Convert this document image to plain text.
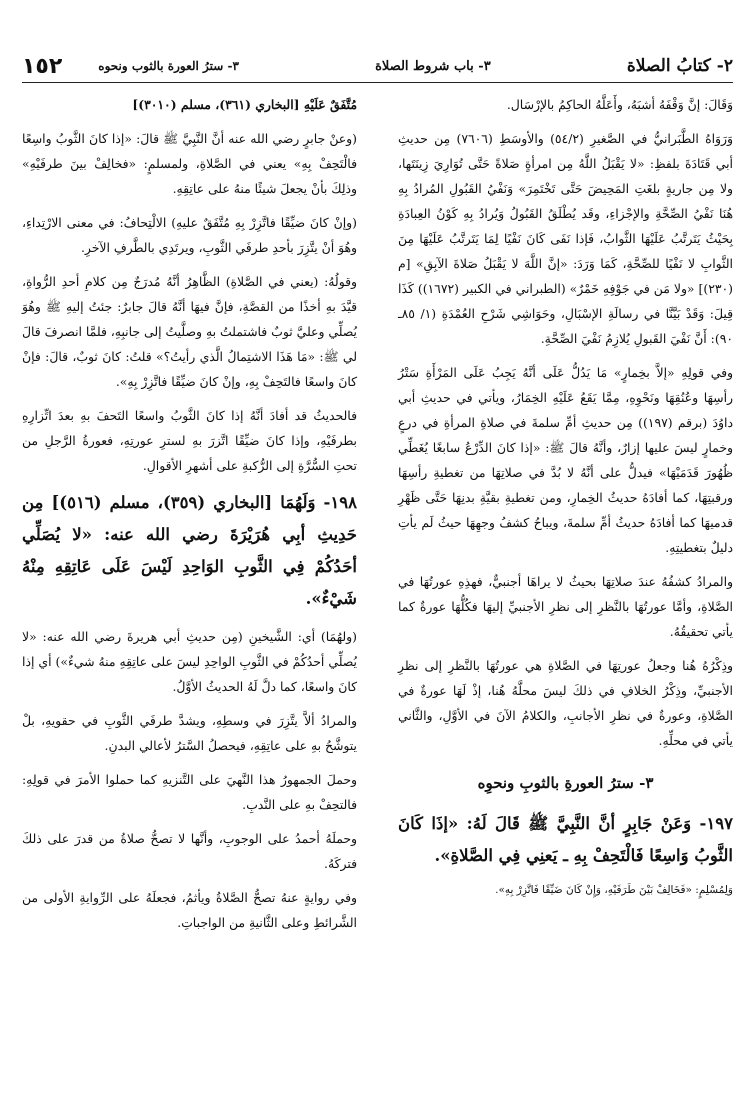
٢- كتابُ الصلاة
٣- باب شروط الصلاة
٣- سترُ العورة بالثوب ونحوه
١٥٢

وَقَالَ: إنَّ وَقْفَهُ أشبَهُ، وأَعَلَّهُ الحاكِمُ بالإرْسَال.

وَرَوَاهُ الطَّبَرانيُّ في الصَّغيرِ (٥٤/٢) والأوسَطِ (٧٦٠٦) مِن حديثِ أبي قَتَادَةَ بلفظِ: «لا يَقْبَلُ اللَّهُ مِن امرأةٍ صَلاةً حَتَّى تُوَارِيَ زِينَتَها، ولا مِن جاريةٍ بلغَتِ المَحِيضَ حَتَّى تَخْتَمِرَ» وَنَفْيُ القَبُولِ المُرادُ بِهِ هُنَا نَفْيُ الصِّحَّةِ والإجْزاءِ، وقَد يُطْلَقُ القَبُولُ وَيُرادُ بِهِ كَوْنُ العِبادَةِ بِحَيْثُ يَتَرتَّبُ عَلَيْهَا الثَّوابُ، فَإذا نَفَى كَانَ نَفْيًا لِمَا يَتَرتَّبُ عَلَيْهَا مِنَ الثَّوابِ لا نَفْيًا للصِّحَّةِ، كَمَا وَرَدَ: «إنَّ اللَّهَ لا يَقْبَلُ صَلاةَ الآبِقِ» [م (٢٣٠)] «ولا مَن في جَوْفِهِ خَمْرٌ» (الطبراني في الكبير (١٦٧٢)) كَذَا قِيلَ: وَقَدْ بَيَّنَّا في رسالَةِ الإسْبَالِ، وحَوَاشِي شَرْحِ العُمْدَةِ (١/ ٨٥ـ ٩٠): أَنَّ نَفْيَ القَبولِ يُلازِمُ نَفْيَ الصِّحَّةِ.

وفي قولِهِ «إلاَّ بخِمارٍ» مَا يَدُلُّ عَلَى أنَّهُ يَجِبُ عَلَى المَرْأَةِ سَتْرُ رأسِهَا وعُنُقِهَا ونَحْوِهِ، مِمَّا يَقَعُ عَلَيْهِ الخِمَارُ، ويأتي في حديثِ أبي داوُدَ (برقم (١٩٧)) مِن حديثِ أمِّ سلمةَ في صلاةِ المرأةِ في درعٍ وخمارٍ ليسَ عليها إزارٌ، وأنَّهُ قالَ ﷺ: «إذا كانَ الدِّرْعُ سابغًا يُغَطِّي ظُهُورَ قَدَمَيْهَا» فيدلُّ على أنَّهُ لا بُدَّ في صلاتِهَا من تغطيةِ رأسِهَا ورقبتِهَا، كما أفادَهُ حديثُ الخِمارِ، ومن تغطيةِ بقيَّةِ بدنِهَا حَتَّى ظَهْرِ قدميهَا كما أفادَهُ حديثُ أمِّ سلمةَ، ويباحُ كشفُ وجهِهَا حيثُ لَم يأتِ دليلٌ بتغطيتِهِ.

والمرادُ كشفُهُ عندَ صلاتِهَا بحيثُ لا يراهَا أجنبيٌّ، فهذِهِ عورتُهَا في الصَّلاةِ، وأمَّا عورتُهَا بالنَّظرِ إلى نظرِ الأجنبيِّ إليهَا فكُلُّهَا عورةٌ كما يأتي تحقيقُهُ.

وذِكْرُهُ هُنا وجعلُ عورتِهَا في الصَّلاةِ هي عورتُهَا بالنَّظرِ إلى نظرِ الأجنبيِّ، وذِكْرُ الخلافِ في ذلكَ ليسَ محلَّهُ هُنا، إذْ لَهَا عورةٌ في الصَّلاةِ، وعورةٌ في نظرِ الأجانبِ، والكلامُ الآنَ في الأوَّلِ، والثَّاني يأتي في محلِّهِ.

٣- سترُ العورةِ بالثوبِ ونحوِه

١٩٧- وَعَنْ جَابِرٍ أنَّ النَّبِيَّ ﷺ قَالَ لَهُ: «إذَا كَانَ الثَّوبُ وَاسِعًا فَالْتَحِفْ بِهِ ـ يَعنِي فِي الصَّلاةِ».

وَلِمُسْلِمٍ: «فَخَالِفْ بَيْنَ طَرَفَيْهِ، وَإِنْ كَانَ ضَيِّقًا فَاتَّزِرْ بِهِ».

مُتَّفَقٌ عَلَيْهِ [البخاري (٣٦١)، مسلم (٣٠١٠)]

(وعنْ جابرٍ رضي الله عنه أنَّ النَّبِيَّ ﷺ قالَ: «إذا كانَ الثَّوبُ واسِعًا فالْتَحِفْ بِهِ» يعني في الصَّلاةِ، ولمسلمٍ: «فخالِفْ بينَ طرفَيْهِ» وذلِكَ بأنْ يجعلَ شيئًا منهُ على عاتِقِهِ.

(وإنْ كانَ ضيِّقًا فاتَّزِرْ بِهِ مُتَّفَقٌ عليهِ) الالْتِحافُ: في معنى الارْتِداءِ، وهُوَ أنْ يتَّزِرَ بأحدِ طرفَي الثَّوبِ، ويرتَدِي بالطَّرفِ الآخرِ.

وقولُهُ: (يعني في الصَّلاةِ) الظَّاهِرُ أنَّهُ مُدرَجٌ مِن كلامِ أحدِ الرُّواةِ، قيَّدَ بهِ أخذًا من القصَّةِ، فإنَّ فيهَا أنَّهُ قالَ جابرٌ: جئتُ إليهِ ﷺ وهُوَ يُصلِّي وعليَّ ثوبٌ فاشتملتُ بهِ وصلَّيتُ إلى جانبِهِ، فلمَّا انصرفَ قالَ لي ﷺ: «مَا هَذَا الاشتِمالُ الَّذي رأيتُ؟» قلتُ: كانَ ثوبٌ، قالَ: فإنْ كانَ واسعًا فالتَحِفْ بِهِ، وإنْ كانَ ضيِّقًا فاتَّزِرْ بِهِ».

فالحديثُ قد أفادَ أنَّهُ إذا كانَ الثَّوبُ واسعًا التَحفَ بهِ بعدَ اتِّزارِهِ بطرفَيْهِ، وإذا كانَ ضيِّقًا اتَّزرَ بهِ لسترِ عورتِهِ، فعورةُ الرَّجلِ من تحتِ السُّرَّةِ إلى الرُّكبةِ على أشهرِ الأقوالِ.

١٩٨- وَلَهُمَا [البخاري (٣٥٩)، مسلم (٥١٦)] مِن حَدِيثِ أبِي هُرَيْرَةَ رضي الله عنه: «لا يُصَلِّي أحَدُكُمْ فِي الثَّوبِ الوَاحِدِ لَيْسَ عَلَى عَاتِقِهِ مِنْهُ شَيْءٌ».

(ولهُمَا) أي: الشَّيخينِ (مِن حديثِ أبي هريرةَ رضي الله عنه: «لا يُصلِّي أحدُكُمْ في الثَّوبِ الواحِدِ ليسَ على عاتِقِهِ منهُ شيءٌ») أي إذا كانَ واسعًا، كما دلَّ لَهُ الحديثُ الأوَّلُ.

والمرادُ ألاَّ يتَّزِرَ في وسطِهِ، ويشدَّ طرفَي الثَّوبِ في حقويهِ، بلْ يتوشَّحُ بهِ على عاتِقِهِ، فيحصلُ السَّترُ لأعالي البدنِ.

وحملَ الجمهورُ هذا النَّهيَ على التَّنزيهِ كما حملوا الأمرَ في قولِهِ: فالتحِفْ بهِ على النَّدبِ.

وحملَهُ أحمدُ على الوجوبِ، وأنَّها لا تصحُّ صلاةُ من قدرَ على ذلكَ فتركَهُ.

وفي روايةٍ عنهُ تصحُّ الصَّلاةُ ويأثمُ، فجعلَهُ على الرِّوايةِ الأولى من الشَّرائطِ وعلى الثَّانيةِ من الواجباتِ.
